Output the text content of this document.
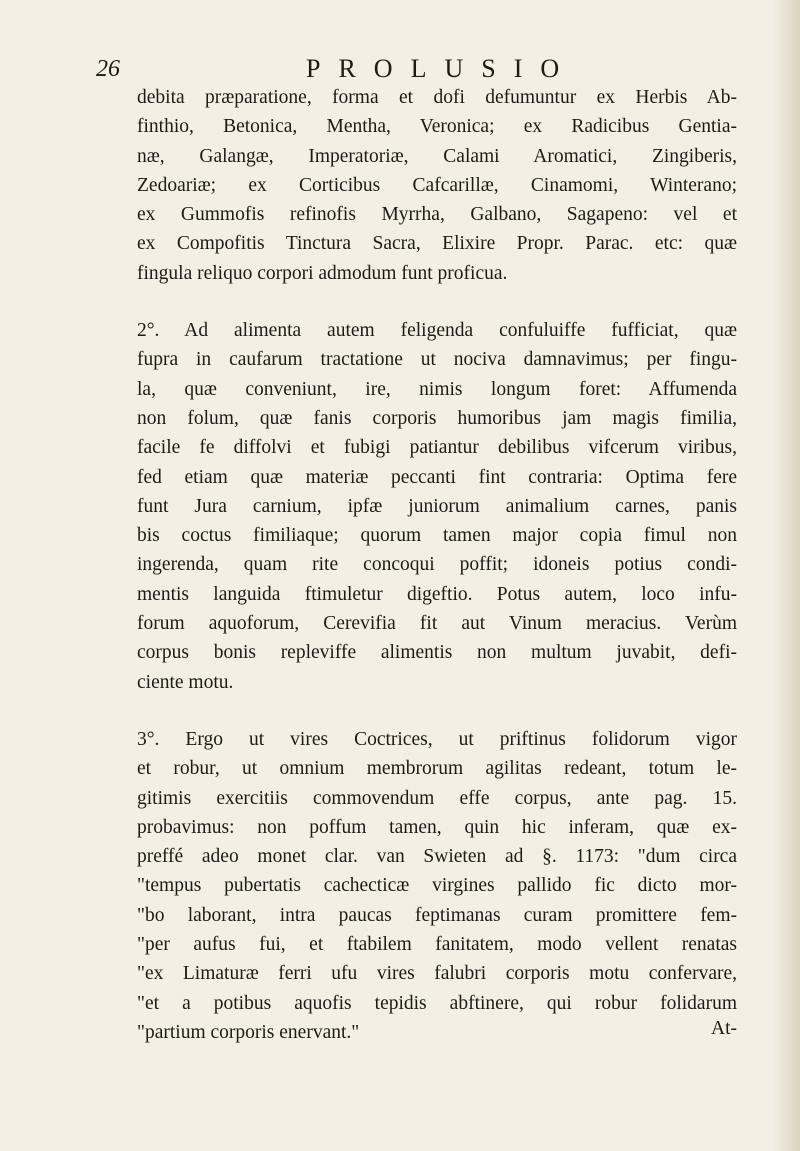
26	PROLUSIO
debita præparatione, forma et dofi defumuntur ex Herbis Ab-
finthio, Betonica, Mentha, Veronica; ex Radicibus Gentia-
næ, Galangæ, Imperatoriæ, Calami Aromatici, Zingiberis,
Zedoariæ; ex Corticibus Cafcarillæ, Cinamomi, Winterano;
ex Gummofis refinofis Myrrha, Galbano, Sagapeno: vel et
ex Compofitis Tinctura Sacra, Elixire Propr. Parac. etc: quæ
fingula reliquo corpori admodum funt proficua.
2°. Ad alimenta autem feligenda confuluiffe fufficiat, quæ
fupra in caufarum tractatione ut nociva damnavimus; per fingu-
la, quæ conveniunt, ire, nimis longum foret: Affumenda
non folum, quæ fanis corporis humoribus jam magis fimilia,
facile fe diffolvi et fubigi patiantur debilibus vifcerum viribus,
fed etiam quæ materiæ peccanti fint contraria: Optima fere
funt Jura carnium, ipfæ juniorum animalium carnes, panis
bis coctus fimiliaque; quorum tamen major copia fimul non
ingerenda, quam rite concoqui poffit; idoneis potius condi-
mentis languida ftimuletur digeftio. Potus autem, loco infu-
forum aquoforum, Cerevifia fit aut Vinum meracius. Verùm
corpus bonis repleviffe alimentis non multum juvabit, defi-
ciente motu.
3°. Ergo ut vires Coctrices, ut priftinus folidorum vigor
et robur, ut omnium membrorum agilitas redeant, totum le-
gitimis exercitiis commovendum effe corpus, ante pag. 15.
probavimus: non poffum tamen, quin hic inferam, quæ ex-
preffé adeo monet clar. van Swieten ad §. 1173: "dum circa
"tempus pubertatis cachecticæ virgines pallido fic dicto mor-
"bo laborant, intra paucas feptimanas curam promittere fem-
"per aufus fui, et ftabilem fanitatem, modo vellent renatas
"ex Limaturæ ferri ufu vires falubri corporis motu confervare,
"et a potibus aquofis tepidis abftinere, qui robur folidarum
"partium corporis enervant."	At-
